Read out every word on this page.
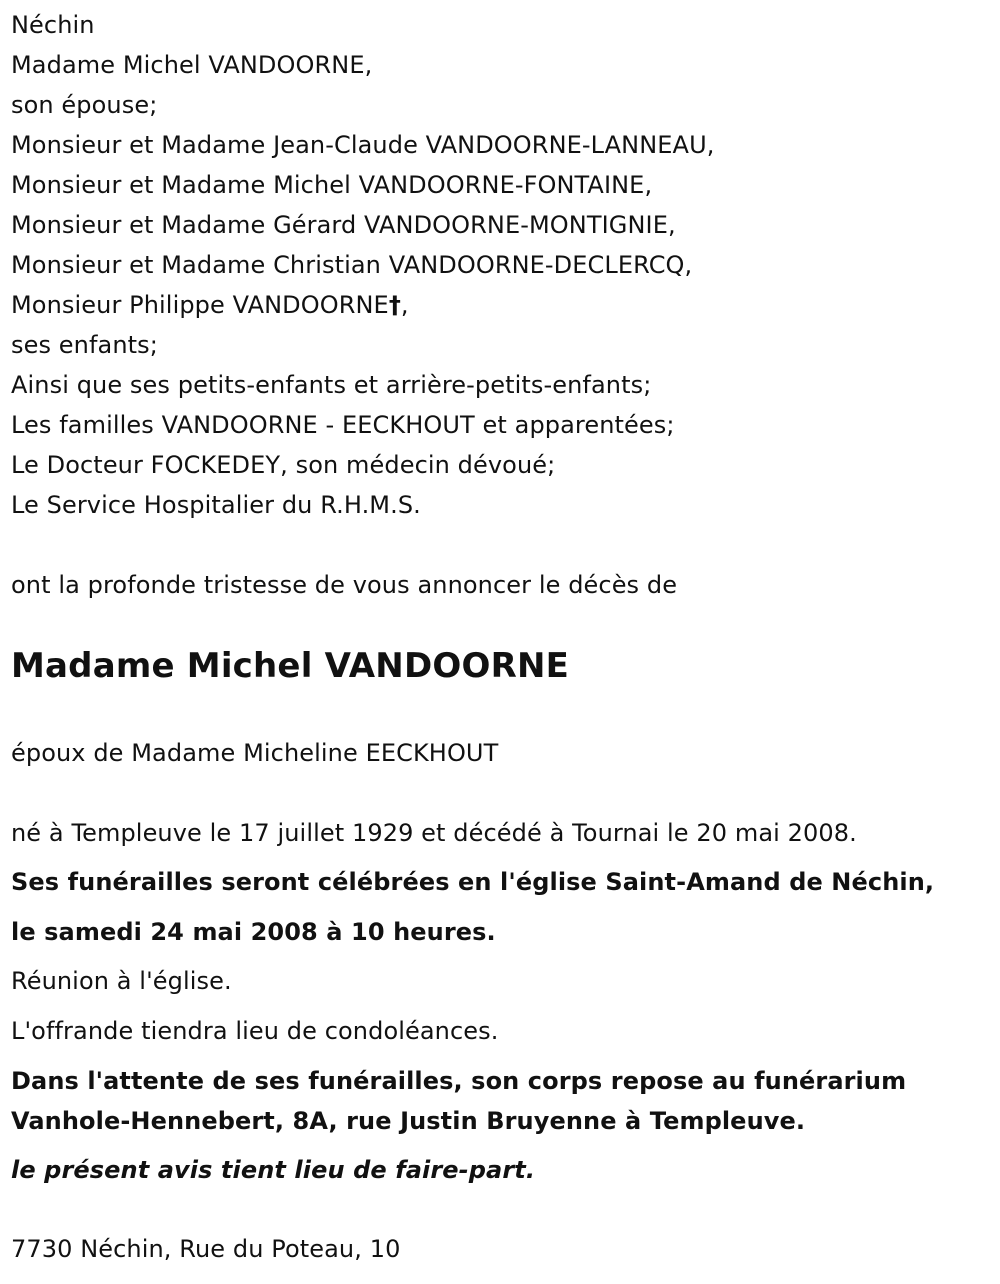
Néchin
Madame Michel VANDOORNE,
son épouse;
Monsieur et Madame Jean-Claude VANDOORNE-LANNEAU,
Monsieur et Madame Michel VANDOORNE-FONTAINE,
Monsieur et Madame Gérard VANDOORNE-MONTIGNIE,
Monsieur et Madame Christian VANDOORNE-DECLERCQ,
Monsieur Philippe VANDOORNE†,
ses enfants;
Ainsi que ses petits-enfants et arrière-petits-enfants;
Les familles VANDOORNE - EECKHOUT et apparentées;
Le Docteur FOCKEDEY, son médecin dévoué;
Le Service Hospitalier du R.H.M.S.
ont la profonde tristesse de vous annoncer le décès de
Madame Michel VANDOORNE
époux de Madame Micheline EECKHOUT
né à Templeuve le 17 juillet 1929 et décédé à Tournai le 20 mai 2008.
Ses funérailles seront célébrées en l'église Saint-Amand de Néchin,
le samedi 24 mai 2008 à 10 heures.
Réunion à l'église.
L'offrande tiendra lieu de condoléances.
Dans l'attente de ses funérailles, son corps repose au funérarium
Vanhole-Hennebert, 8A, rue Justin Bruyenne à Templeuve.
le présent avis tient lieu de faire-part.
7730 Néchin, Rue du Poteau, 10
